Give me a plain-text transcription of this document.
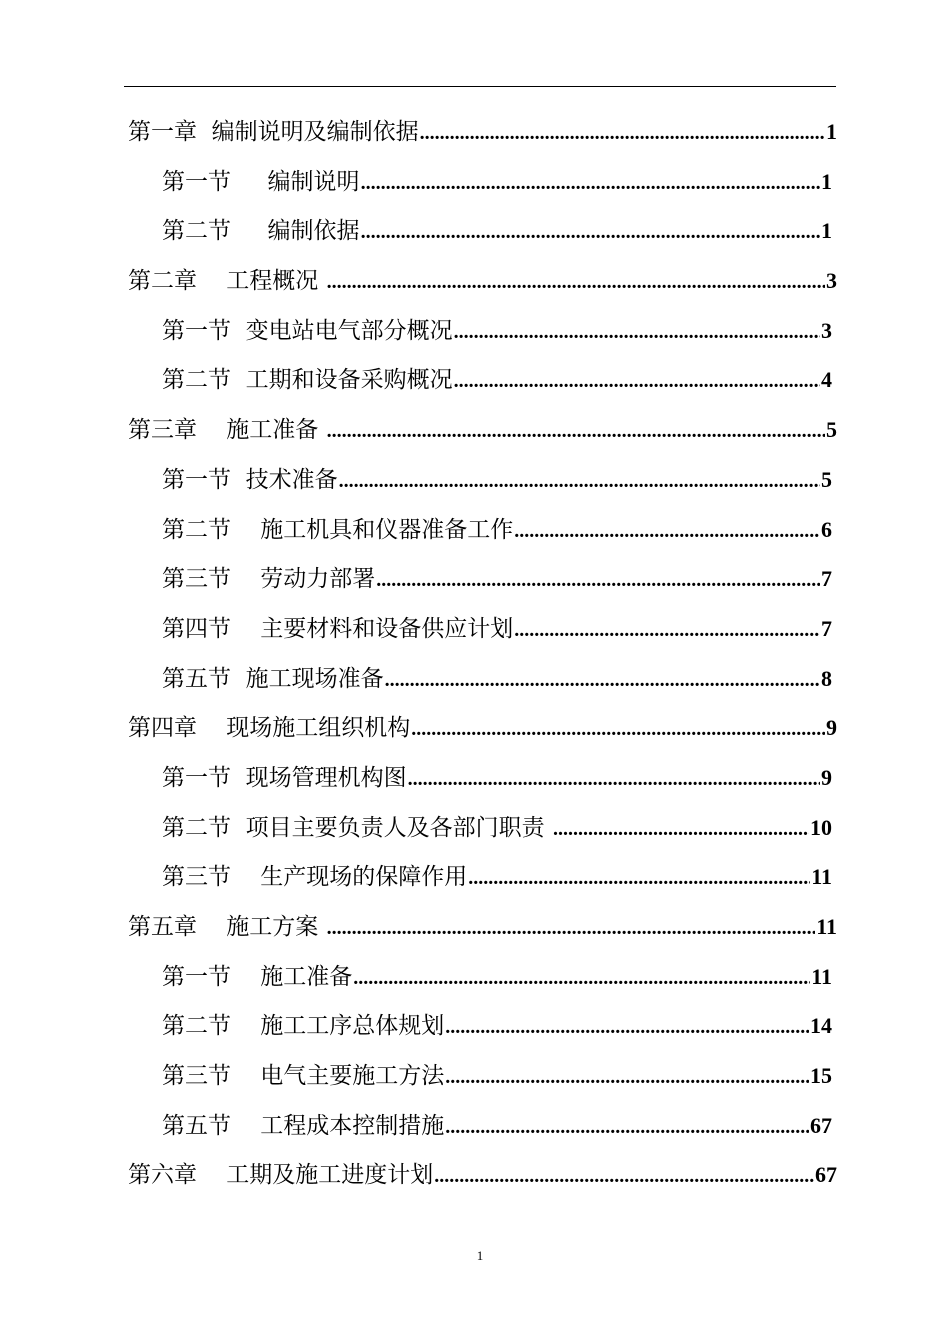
第一章  编制说明及编制依据 .....	1
第一节     编制说明 .....	1
第二节     编制依据 .....	1
第二章    工程概况 .....	3
第一节  变电站电气部分概况 .....	3
第二节  工期和设备采购概况 .....	4
第三章    施工准备 .....	5
第一节  技术准备 .....	5
第二节    施工机具和仪器准备工作 .....	6
第三节    劳动力部署 .....	7
第四节    主要材料和设备供应计划 .....	7
第五节  施工现场准备 .....	8
第四章    现场施工组织机构 .....	9
第一节  现场管理机构图 .....	9
第二节  项目主要负责人及各部门职责 .....	10
第三节    生产现场的保障作用 .....	11
第五章    施工方案 .....	11
第一节    施工准备 .....	11
第二节    施工工序总体规划 .....	14
第三节    电气主要施工方法 .....	15
第五节    工程成本控制措施 .....	67
第六章    工期及施工进度计划 .....	67
1
